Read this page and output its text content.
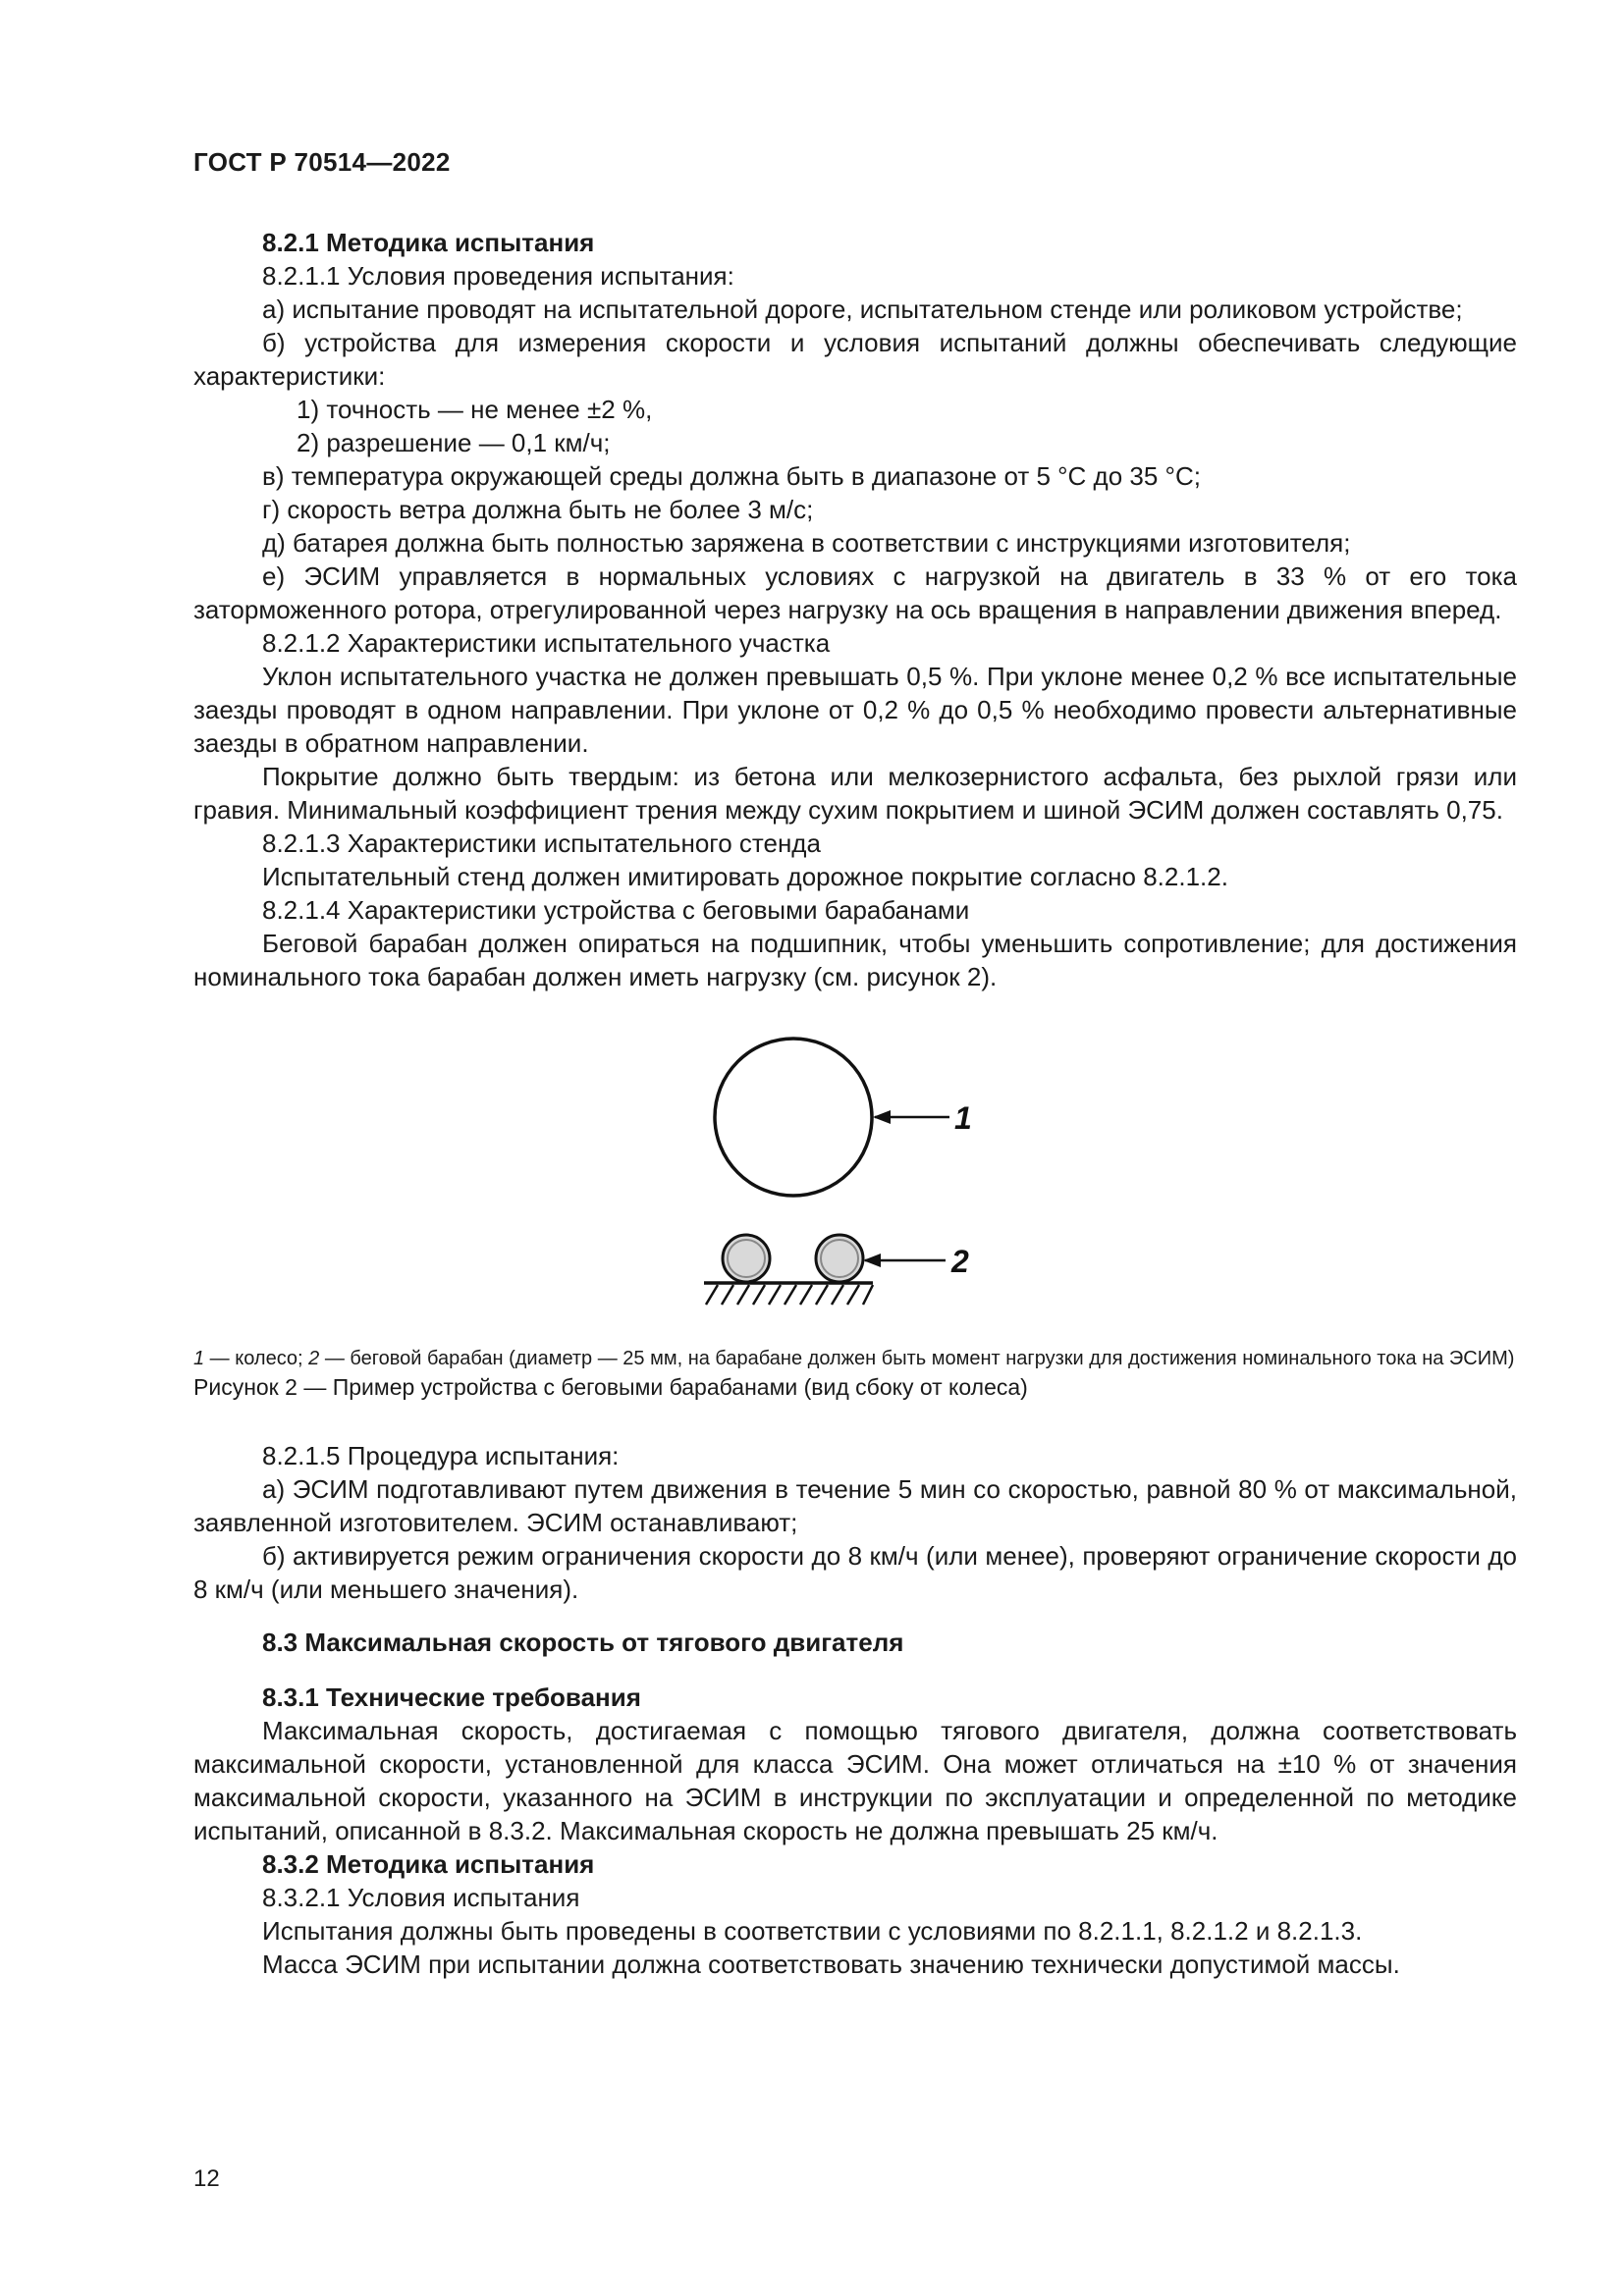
ГОСТ Р 70514—2022

8.2.1 Методика испытания

8.2.1.1 Условия проведения испытания:

а) испытание проводят на испытательной дороге, испытательном стенде или роликовом устройстве;

б) устройства для измерения скорости и условия испытаний должны обеспечивать следующие характеристики:

1) точность — не менее ±2 %,

2) разрешение — 0,1 км/ч;

в) температура окружающей среды должна быть в диапазоне от 5 °С до 35 °С;

г) скорость ветра должна быть не более 3 м/с;

д) батарея должна быть полностью заряжена в соответствии с инструкциями изготовителя;

е) ЭСИМ управляется в нормальных условиях с нагрузкой на двигатель в 33 % от его тока заторможенного ротора, отрегулированной через нагрузку на ось вращения в направлении движения вперед.

8.2.1.2 Характеристики испытательного участка

Уклон испытательного участка не должен превышать 0,5 %. При уклоне менее 0,2 % все испытательные заезды проводят в одном направлении. При уклоне от 0,2 % до 0,5 % необходимо провести альтернативные заезды в обратном направлении.

Покрытие должно быть твердым: из бетона или мелкозернистого асфальта, без рыхлой грязи или гравия. Минимальный коэффициент трения между сухим покрытием и шиной ЭСИМ должен составлять 0,75.

8.2.1.3 Характеристики испытательного стенда

Испытательный стенд должен имитировать дорожное покрытие согласно 8.2.1.2.

8.2.1.4 Характеристики устройства с беговыми барабанами

Беговой барабан должен опираться на подшипник, чтобы уменьшить сопротивление; для достижения номинального тока барабан должен иметь нагрузку (см. рисунок 2).

1
2

1 — колесо; 2 — беговой барабан (диаметр — 25 мм, на барабане должен быть момент нагрузки для достижения номинального тока на ЭСИМ)

Рисунок 2 — Пример устройства с беговыми барабанами (вид сбоку от колеса)

8.2.1.5 Процедура испытания:

а) ЭСИМ подготавливают путем движения в течение 5 мин со скоростью, равной 80 % от максимальной, заявленной изготовителем. ЭСИМ останавливают;

б) активируется режим ограничения скорости до 8 км/ч (или менее), проверяют ограничение скорости до 8 км/ч (или меньшего значения).

8.3 Максимальная скорость от тягового двигателя

8.3.1 Технические требования

Максимальная скорость, достигаемая с помощью тягового двигателя, должна соответствовать максимальной скорости, установленной для класса ЭСИМ. Она может отличаться на ±10 % от значения максимальной скорости, указанного на ЭСИМ в инструкции по эксплуатации и определенной по методике испытаний, описанной в 8.3.2. Максимальная скорость не должна превышать 25 км/ч.

8.3.2 Методика испытания

8.3.2.1 Условия испытания

Испытания должны быть проведены в соответствии с условиями по 8.2.1.1, 8.2.1.2 и 8.2.1.3.

Масса ЭСИМ при испытании должна соответствовать значению технически допустимой массы.

12
